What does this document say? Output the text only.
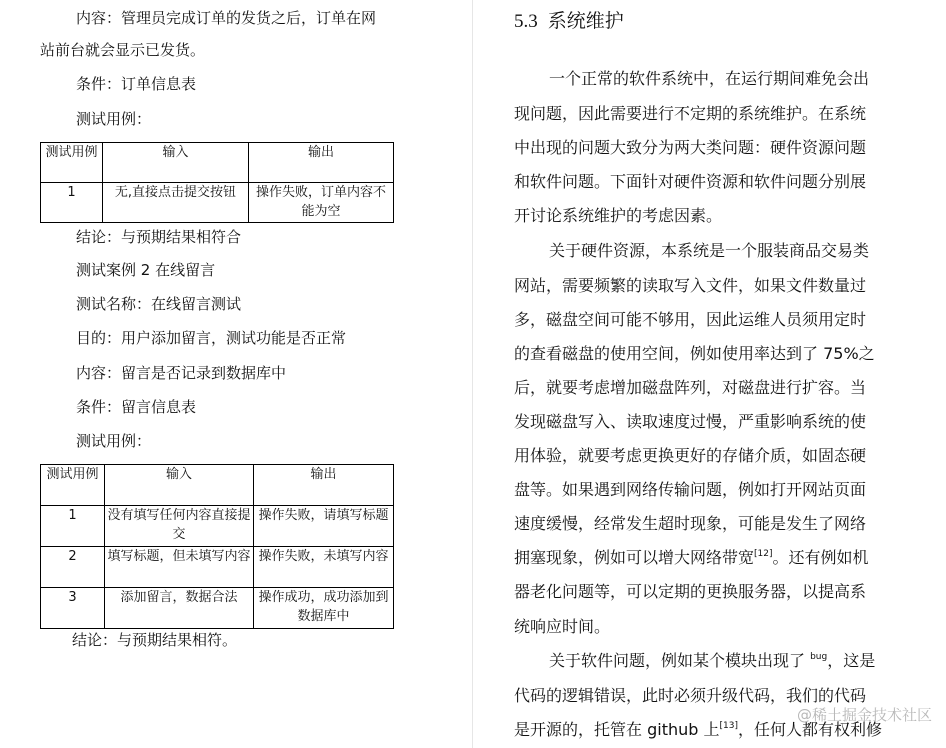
内容：管理员完成订单的发货之后，订单在网

站前台就会显示已发货。

条件：订单信息表

测试用例：

测试用例	输入	输出
1	无,直接点击提交按钮	操作失败，订单内容不能为空

结论：与预期结果相符合

测试案例 2 在线留言

测试名称：在线留言测试

目的：用户添加留言，测试功能是否正常

内容：留言是否记录到数据库中

条件：留言信息表

测试用例：

测试用例	输入	输出
1	没有填写任何内容直接提交	操作失败，请填写标题
2	填写标题，但未填写内容	操作失败，未填写内容
3	添加留言，数据合法	操作成功，成功添加到数据库中

结论：与预期结果相符。

5.3 系统维护

一个正常的软件系统中，在运行期间难免会出

现问题，因此需要进行不定期的系统维护。在系统

中出现的问题大致分为两大类问题：硬件资源问题

和软件问题。下面针对硬件资源和软件问题分别展

开讨论系统维护的考虑因素。

关于硬件资源，本系统是一个服装商品交易类

网站，需要频繁的读取写入文件，如果文件数量过

多，磁盘空间可能不够用，因此运维人员须用定时

的查看磁盘的使用空间，例如使用率达到了 75%之

后，就要考虑增加磁盘阵列，对磁盘进行扩容。当

发现磁盘写入、读取速度过慢，严重影响系统的使

用体验，就要考虑更换更好的存储介质，如固态硬

盘等。如果遇到网络传输问题，例如打开网站页面

速度缓慢，经常发生超时现象，可能是发生了网络

拥塞现象，例如可以增大网络带宽[12]。还有例如机

器老化问题等，可以定期的更换服务器，以提高系

统响应时间。

关于软件问题，例如某个模块出现了 $^{bug}$，这是

代码的逻辑错误，此时必须升级代码，我们的代码

是开源的，托管在 github 上[13]，任何人都有权利修

@稀土掘金技术社区
